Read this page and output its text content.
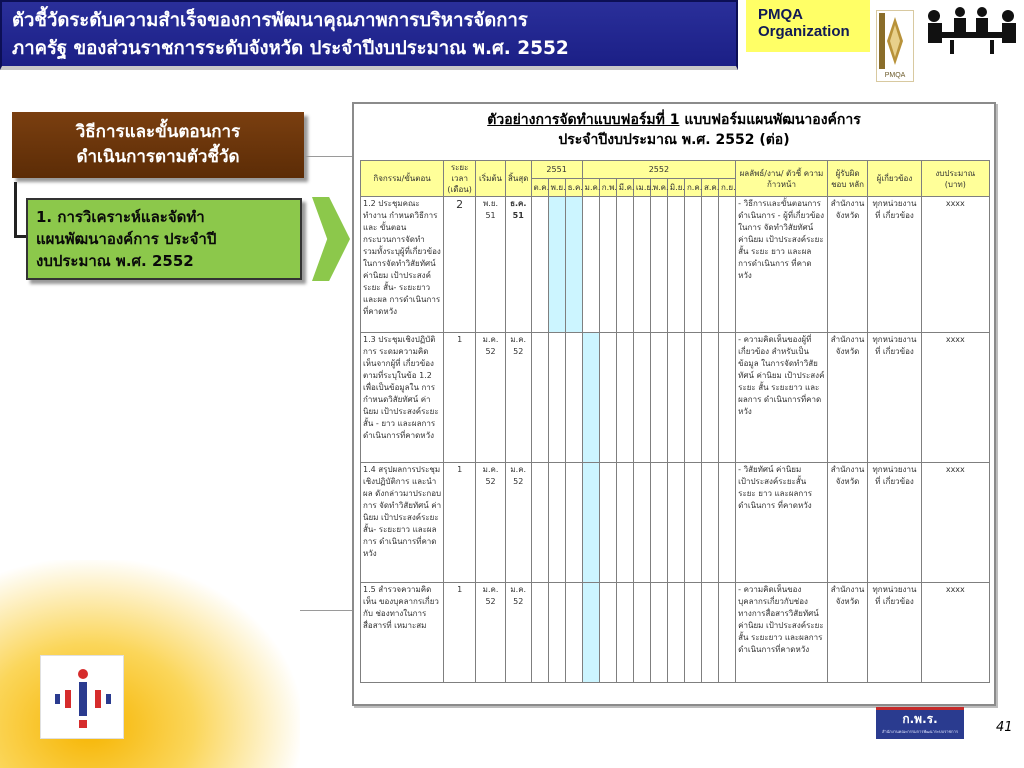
ตัวชี้วัดระดับความสำเร็จของการพัฒนาคุณภาพการบริหารจัดการ
ภาครัฐ ของส่วนราชการระดับจังหวัด ประจำปีงบประมาณ พ.ศ. 2552
PMQA
Organization
PMQA
วิธีการและขั้นตอนการ
ดำเนินการตามตัวชี้วัด
1. การวิเคราะห์และจัดทำ
แผนพัฒนาองค์การ ประจำปี
งบประมาณ พ.ศ. 2552
ตัวอย่างการจัดทำแบบฟอร์มที่ 1 แบบฟอร์มแผนพัฒนาองค์การ
ประจำปีงบประมาณ พ.ศ. 2552 (ต่อ)
กิจกรรม/ขั้นตอน	ระยะเวลา (เดือน)	เริ่มต้น	สิ้นสุด	2551			2552									ผลลัพธ์/งาน/ ตัวชี้ ความก้าวหน้า	ผู้รับผิดชอบ หลัก	ผู้เกี่ยวข้อง	งบประมาณ (บาท)
				ต.ค.	พ.ย.	ธ.ค.	ม.ค.	ก.พ.	มี.ค.	เม.ย.	พ.ค.	มิ.ย.	ก.ค.	ส.ค.	ก.ย.				
1.2 ประชุมคณะทำงาน กำหนดวิธีการและ ขั้นตอนกระบวนการจัดทำ รวมทั้งระบุผู้ที่เกี่ยวข้อง ในการจัดทำวิสัยทัศน์ ค่านิยม เป้าประสงค์ระยะ สั้น- ระยะยาว และผล การดำเนินการที่คาดหวัง	2	พ.ย. 51	ธ.ค. 51													- วิธีการและขั้นตอนการ ดำเนินการ - ผู้ที่เกี่ยวข้องในการ จัดทำวิสัยทัศน์ ค่านิยม เป้าประสงค์ระยะสั้น ระยะ ยาว และผลการดำเนินการ ที่คาดหวัง	สำนักงาน จังหวัด	ทุกหน่วยงานที่ เกี่ยวข้อง	xxxx
1.3 ประชุมเชิงปฏิบัติการ ระดมความคิดเห็นจากผู้ที่ เกี่ยวข้องตามที่ระบุในข้อ 1.2 เพื่อเป็นข้อมูลใน การกำหนดวิสัยทัศน์ ค่านิยม เป้าประสงค์ระยะ สั้น - ยาว และผลการ ดำเนินการที่คาดหวัง	1	ม.ค. 52	ม.ค. 52													- ความคิดเห็นของผู้ที่ เกี่ยวข้อง สำหรับเป็นข้อมูล ในการจัดทำวิสัยทัศน์ ค่านิยม เป้าประสงค์ระยะ สั้น ระยะยาว และผลการ ดำเนินการที่คาดหวัง	สำนักงาน จังหวัด	ทุกหน่วยงานที่ เกี่ยวข้อง	xxxx
1.4 สรุปผลการประชุม เชิงปฏิบัติการ และนำผล ดังกล่าวมาประกอบการ จัดทำวิสัยทัศน์ ค่านิยม เป้าประสงค์ระยะสั้น- ระยะยาว และผลการ ดำเนินการที่คาดหวัง	1	ม.ค. 52	ม.ค. 52													- วิสัยทัศน์ ค่านิยม เป้าประสงค์ระยะสั้น ระยะ ยาว และผลการดำเนินการ ที่คาดหวัง	สำนักงาน จังหวัด	ทุกหน่วยงานที่ เกี่ยวข้อง	xxxx
1.5 สำรวจความคิดเห็น ของบุคลากรเกี่ยวกับ ช่องทางในการสื่อสารที่ เหมาะสม	1	ม.ค. 52	ม.ค. 52													- ความคิดเห็นของ บุคลากรเกี่ยวกับช่อง ทางการสื่อสารวิสัยทัศน์ ค่านิยม เป้าประสงค์ระยะ สั้น ระยะยาว และผลการ ดำเนินการที่คาดหวัง	สำนักงาน จังหวัด	ทุกหน่วยงานที่ เกี่ยวข้อง	xxxx
ก.พ.ร.
สำนักงานคณะกรรมการพัฒนาระบบราชการ	41
